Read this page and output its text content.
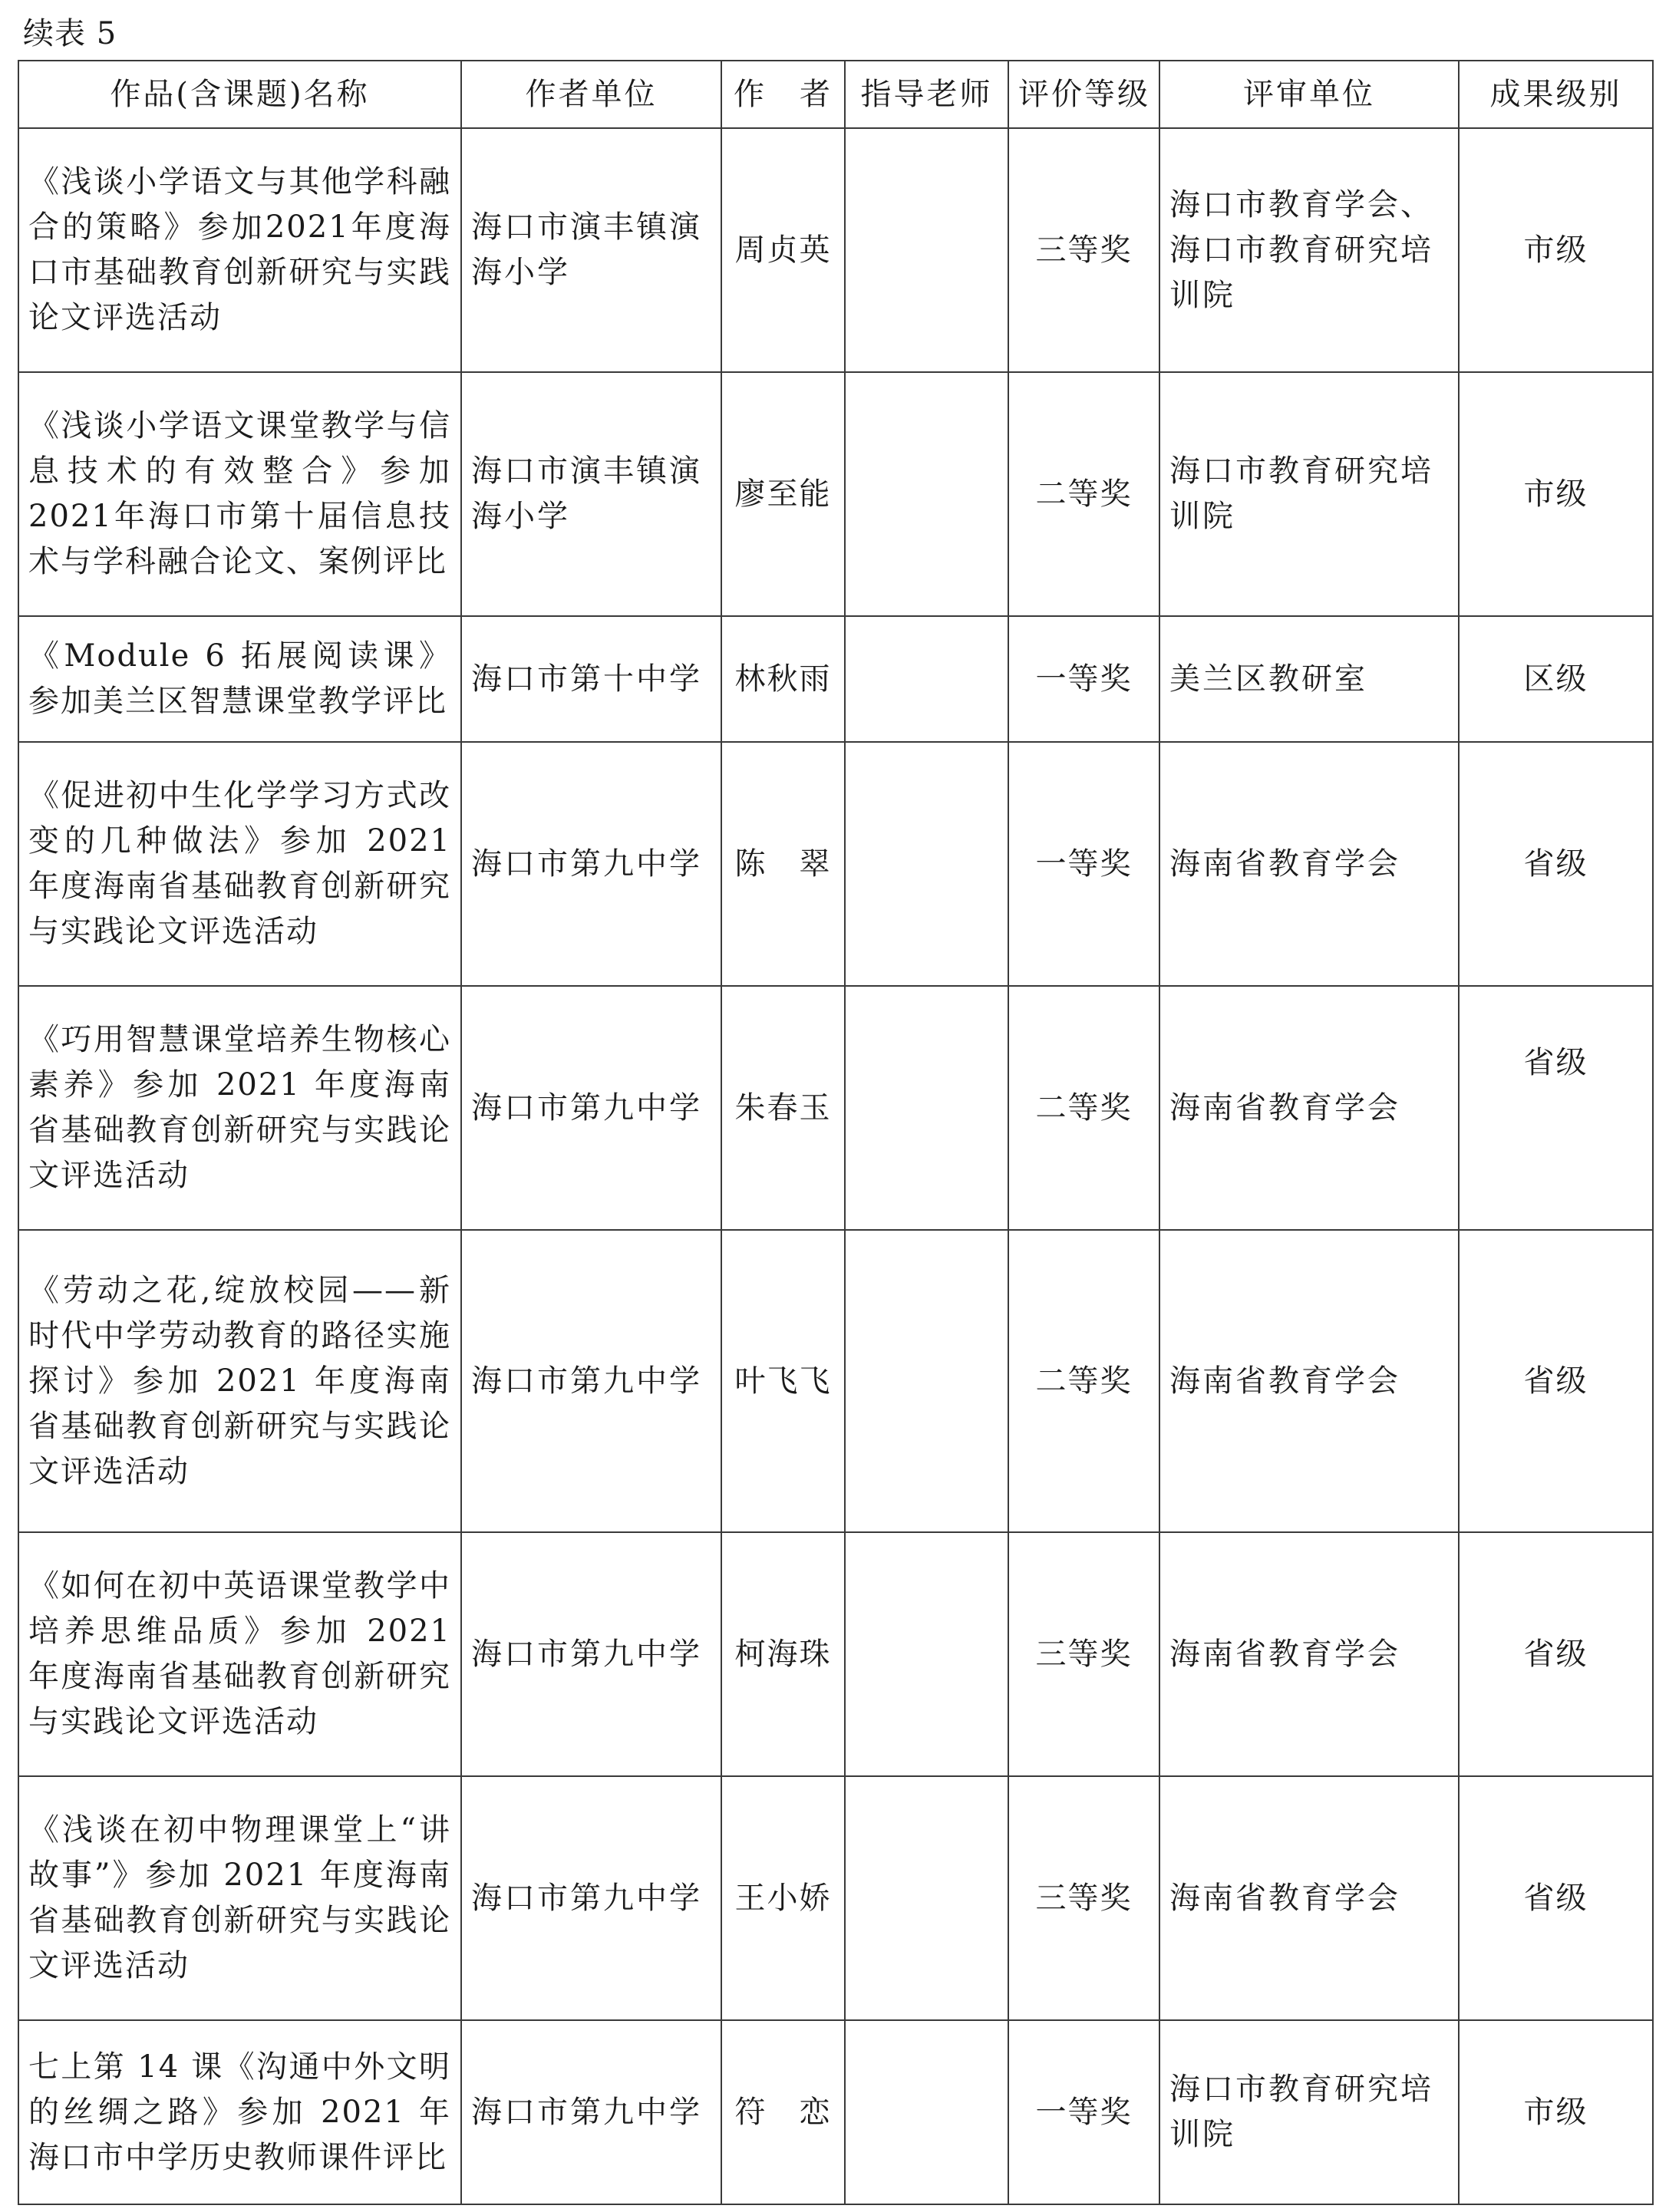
续表 5
作品(含课题)名称	作者单位	作　者	指导老师	评价等级	评审单位	成果级别
《浅谈小学语文与其他学科融合的策略》参加2021年度海口市基础教育创新研究与实践论文评选活动	海口市演丰镇演海小学	周贞英		三等奖	海口市教育学会、海口市教育研究培训院	市级
《浅谈小学语文课堂教学与信息技术的有效整合》参加2021年海口市第十届信息技术与学科融合论文、案例评比	海口市演丰镇演海小学	廖至能		二等奖	海口市教育研究培训院	市级
《Module 6 拓展阅读课》参加美兰区智慧课堂教学评比	海口市第十中学	林秋雨		一等奖	美兰区教研室	区级
《促进初中生化学学习方式改变的几种做法》参加 2021 年度海南省基础教育创新研究与实践论文评选活动	海口市第九中学	陈　翠		一等奖	海南省教育学会	省级
《巧用智慧课堂培养生物核心素养》参加 2021 年度海南省基础教育创新研究与实践论文评选活动	海口市第九中学	朱春玉		二等奖	海南省教育学会	省级
《劳动之花,绽放校园——新时代中学劳动教育的路径实施探讨》参加 2021 年度海南省基础教育创新研究与实践论文评选活动	海口市第九中学	叶飞飞		二等奖	海南省教育学会	省级
《如何在初中英语课堂教学中培养思维品质》参加 2021 年度海南省基础教育创新研究与实践论文评选活动	海口市第九中学	柯海珠		三等奖	海南省教育学会	省级
《浅谈在初中物理课堂上“讲故事”》参加 2021 年度海南省基础教育创新研究与实践论文评选活动	海口市第九中学	王小娇		三等奖	海南省教育学会	省级
七上第 14 课《沟通中外文明的丝绸之路》参加 2021 年海口市中学历史教师课件评比	海口市第九中学	符　恋		一等奖	海口市教育研究培训院	市级
